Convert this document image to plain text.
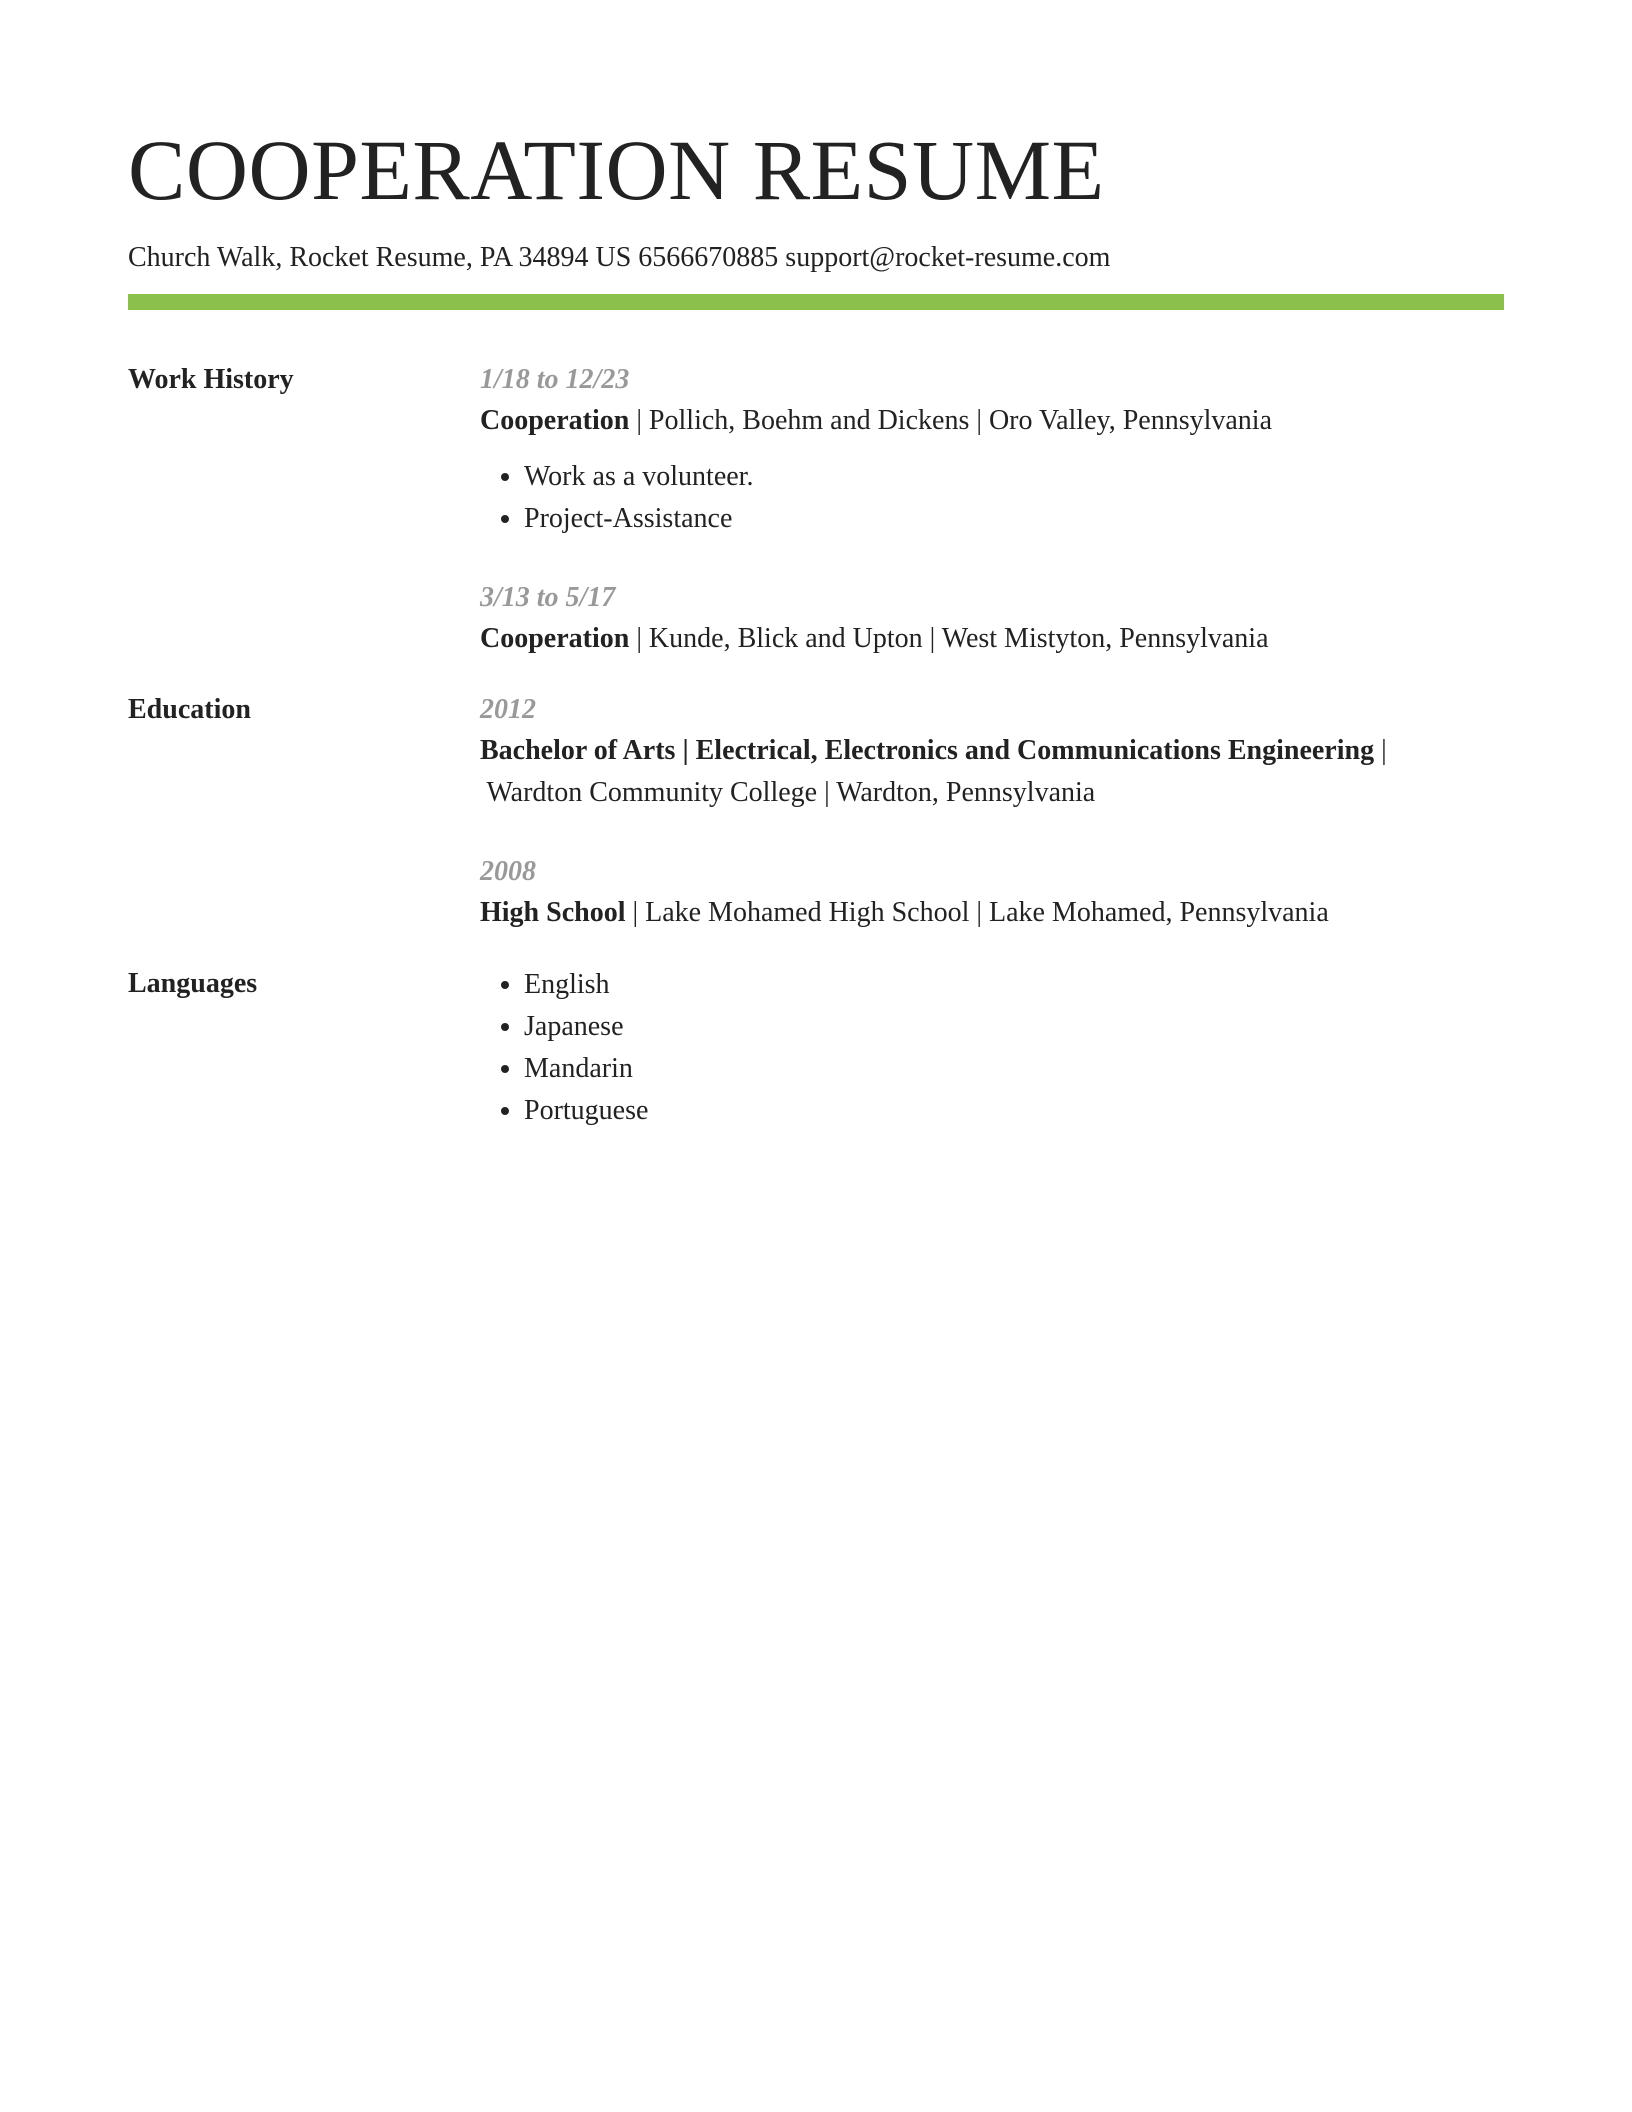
COOPERATION RESUME
Church Walk, Rocket Resume, PA 34894 US 6566670885 support@rocket-resume.com
Work History	1/18 to 12/23
Cooperation | Pollich, Boehm and Dickens | Oro Valley, Pennsylvania
• Work as a volunteer.
• Project-Assistance
3/13 to 5/17
Cooperation | Kunde, Blick and Upton | West Mistyton, Pennsylvania
Education	2012
Bachelor of Arts | Electrical, Electronics and Communications Engineering |
Wardton Community College | Wardton, Pennsylvania
2008
High School | Lake Mohamed High School | Lake Mohamed, Pennsylvania
Languages
•	English
• Japanese
• Mandarin
• Portuguese
